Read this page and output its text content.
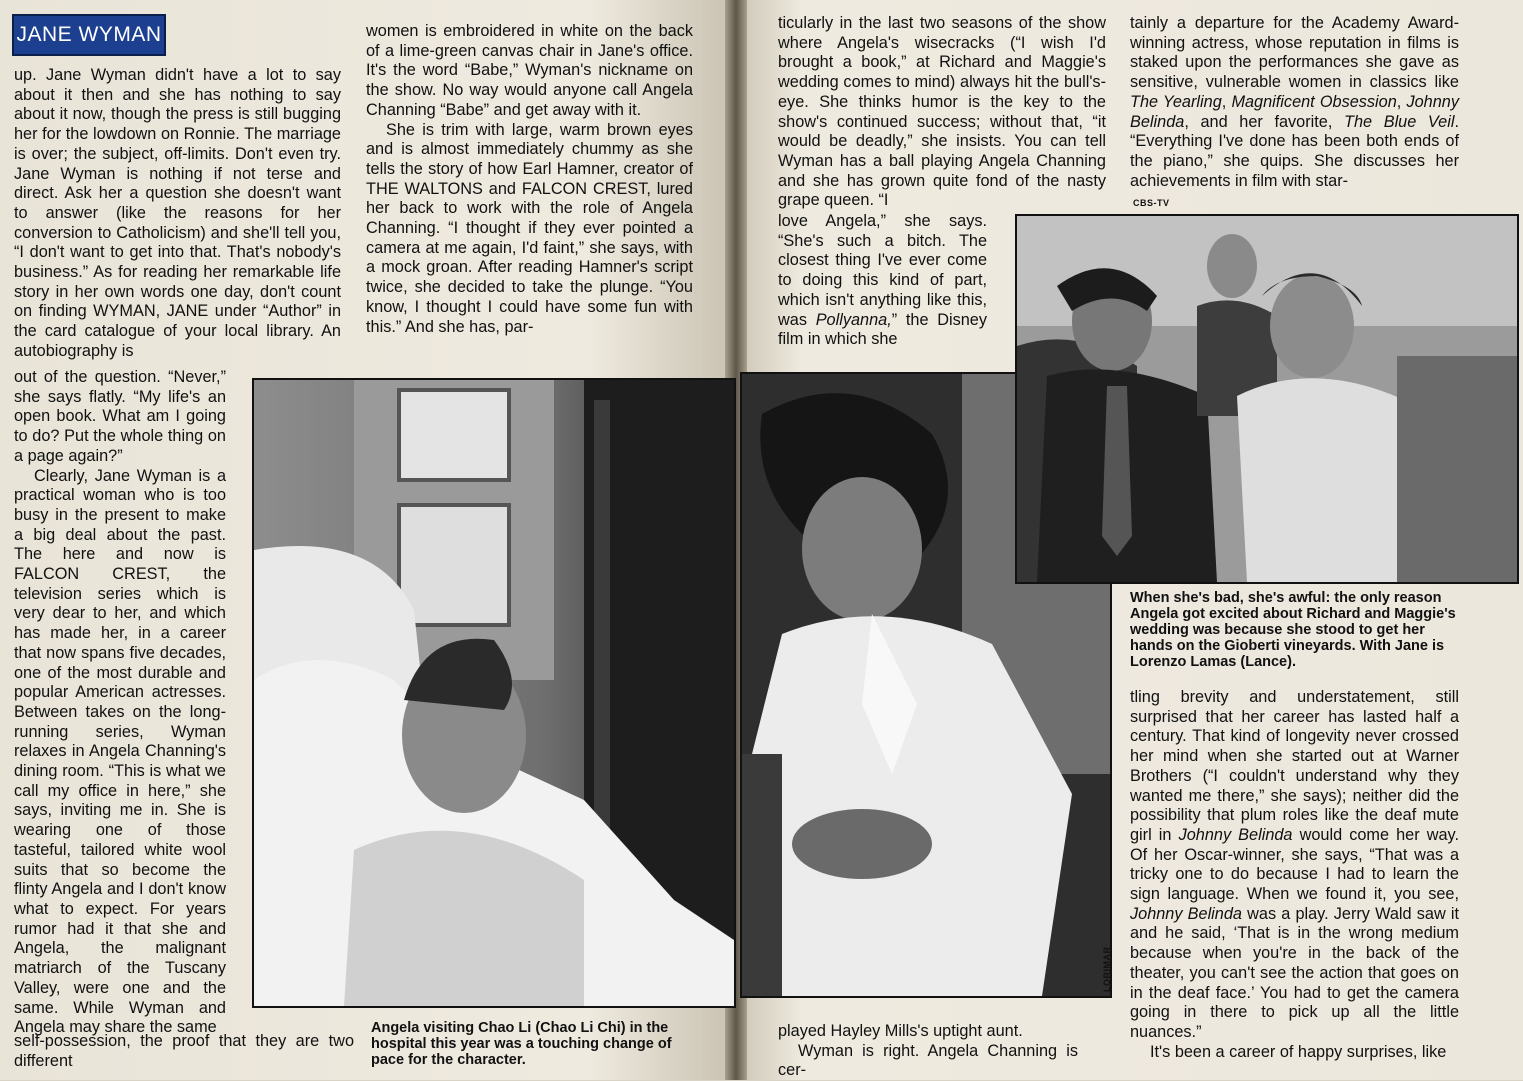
JANE WYMAN

up. Jane Wyman didn't have a lot to say about it then and she has nothing to say about it now, though the press is still bugging her for the lowdown on Ronnie. The marriage is over; the subject, off-limits. Don't even try. Jane Wyman is nothing if not terse and direct. Ask her a question she doesn't want to answer (like the reasons for her conversion to Catholicism) and she'll tell you, “I don't want to get into that. That's nobody's business.” As for reading her remarkable life story in her own words one day, don't count on finding WYMAN, JANE under “Author” in the card catalogue of your local library. An autobiography is

out of the question. “Never,” she says flatly. “My life's an open book. What am I going to do? Put the whole thing on a page again?”

Clearly, Jane Wyman is a practical woman who is too busy in the present to make a big deal about the past. The here and now is FALCON CREST, the television series which is very dear to her, and which has made her, in a career that now spans five decades, one of the most durable and popular American actresses. Between takes on the long-running series, Wyman relaxes in Angela Channing's dining room. “This is what we call my office in here,” she says, inviting me in. She is wearing one of those tasteful, tailored white wool suits that so become the flinty Angela and I don't know what to expect. For years rumor had it that she and Angela, the malignant matriarch of the Tuscany Valley, were one and the same. While Wyman and Angela may share the same

self-possession, the proof that they are two different

women is embroidered in white on the back of a lime-green canvas chair in Jane's office. It's the word “Babe,” Wyman's nickname on the show. No way would anyone call Angela Channing “Babe” and get away with it.

She is trim with large, warm brown eyes and is almost immediately chummy as she tells the story of how Earl Hamner, creator of THE WALTONS and FALCON CREST, lured her back to work with the role of Angela Channing. “I thought if they ever pointed a camera at me again, I'd faint,” she says, with a mock groan. After reading Hamner's script twice, she decided to take the plunge. “You know, I thought I could have some fun with this.” And she has, par-

Angela visiting Chao Li (Chao Li Chi) in the hospital this year was a touching change of pace for the character.

ticularly in the last two seasons of the show where Angela's wisecracks (“I wish I'd brought a book,” at Richard and Maggie's wedding comes to mind) always hit the bull's-eye. She thinks humor is the key to the show's continued success; without that, “it would be deadly,” she insists. You can tell Wyman has a ball playing Angela Channing and she has grown quite fond of the nasty grape queen. “I

love Angela,” she says. “She's such a bitch. The closest thing I've ever come to doing this kind of part, which isn't anything like this, was Pollyanna,” the Disney film in which she

played Hayley Mills's uptight aunt.

Wyman is right. Angela Channing is cer-

LORIMAR

tainly a departure for the Academy Award-winning actress, whose reputation in films is staked upon the performances she gave as sensitive, vulnerable women in classics like The Yearling, Magnificent Obsession, Johnny Belinda, and her favorite, The Blue Veil. “Everything I've done has been both ends of the piano,” she quips. She discusses her achievements in film with star-

CBS-TV
When she's bad, she's awful: the only reason Angela got excited about Richard and Maggie's wedding was because she stood to get her hands on the Gioberti vineyards. With Jane is Lorenzo Lamas (Lance).

tling brevity and understatement, still surprised that her career has lasted half a century. That kind of longevity never crossed her mind when she started out at Warner Brothers (“I couldn't understand why they wanted me there,” she says); neither did the possibility that plum roles like the deaf mute girl in Johnny Belinda would come her way. Of her Oscar-winner, she says, “That was a tricky one to do because I had to learn the sign language. When we found it, you see, Johnny Belinda was a play. Jerry Wald saw it and he said, ‘That is in the wrong medium because when you're in the back of the theater, you can't see the action that goes on in the deaf face.’ You had to get the camera going in there to pick up all the little nuances.”

It's been a career of happy surprises, like
